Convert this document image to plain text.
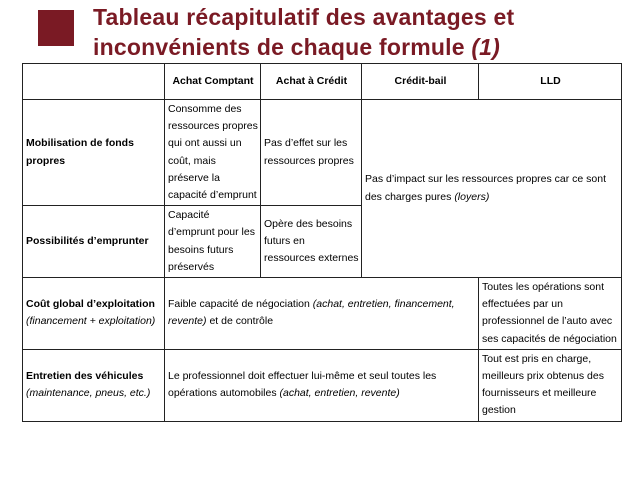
Tableau récapitulatif des avantages et
inconvénients de chaque formule (1)
	Achat Comptant	Achat à Crédit	Crédit-bail	LLD
Mobilisation de fonds propres	Consomme des ressources propres qui ont aussi un coût, mais préserve la capacité d’emprunt	Pas d’effet sur les ressources propres	Pas d’impact sur les ressources propres car ce sont des charges pures (loyers)	
Possibilités d’emprunter	Capacité d’emprunt pour les besoins futurs préservés	Opère des besoins futurs en ressources externes		
Coût global d’exploitation
(financement + exploitation)	Faible capacité de négociation (achat, entretien, financement, revente) et de contrôle			Toutes les opérations sont effectuées par un professionnel de l’auto avec ses capacités de négociation
Entretien des véhicules
(maintenance, pneus, etc.)	Le professionnel doit effectuer lui-même et seul toutes les opérations automobiles (achat, entretien, revente)			Tout est pris en charge, meilleurs prix obtenus des fournisseurs et meilleure gestion
